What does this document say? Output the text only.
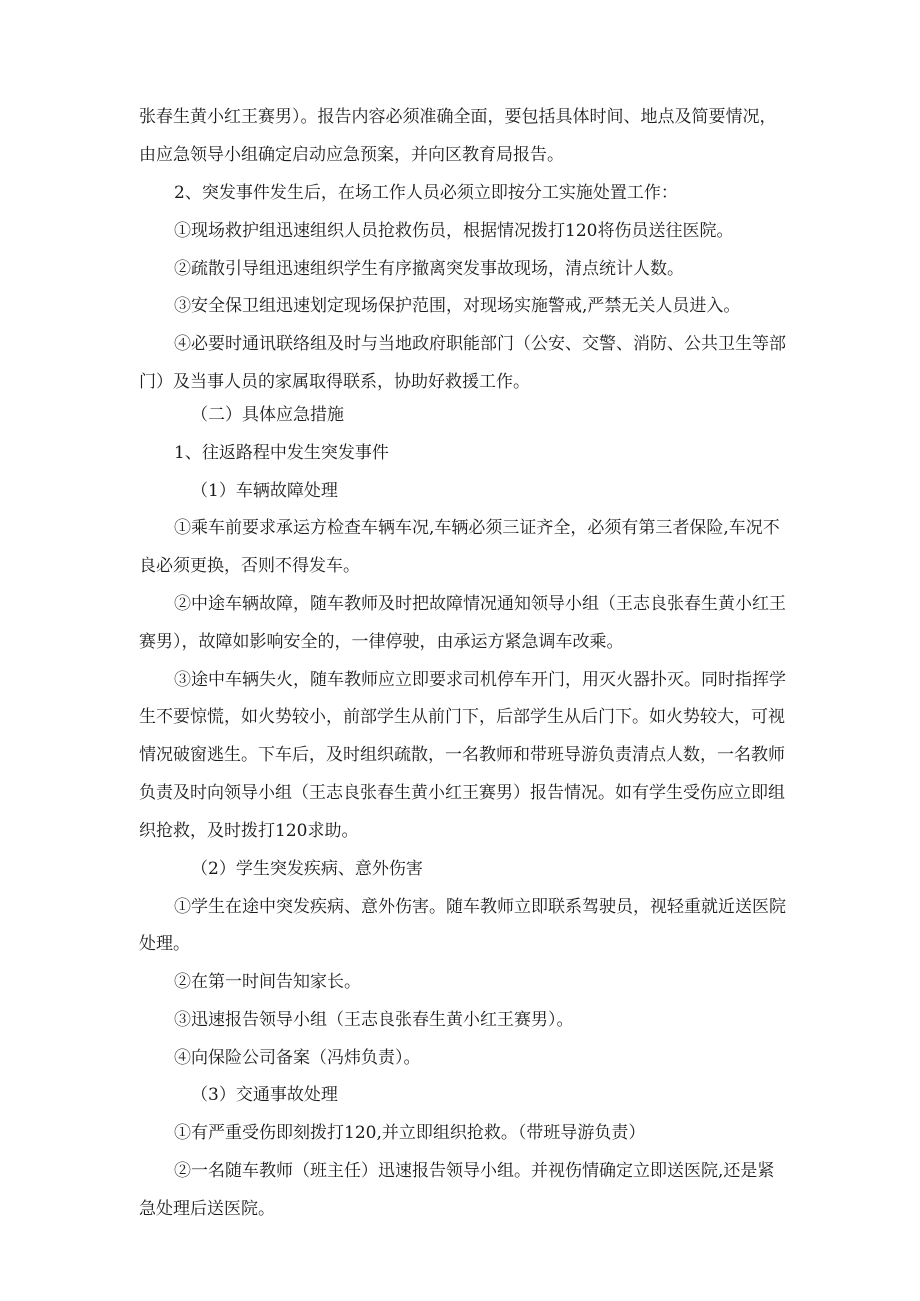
张春生黄小红王赛男）。报告内容必须准确全面，要包括具体时间、地点及简要情况，
由应急领导小组确定启动应急预案，并向区教育局报告。
2、突发事件发生后，在场工作人员必须立即按分工实施处置工作：
①现场救护组迅速组织人员抢救伤员，根据情况拨打120将伤员送往医院。
②疏散引导组迅速组织学生有序撤离突发事故现场，清点统计人数。
③安全保卫组迅速划定现场保护范围，对现场实施警戒,严禁无关人员进入。
④必要时通讯联络组及时与当地政府职能部门（公安、交警、消防、公共卫生等部
门）及当事人员的家属取得联系，协助好救援工作。
（二）具体应急措施
1、往返路程中发生突发事件
（1）车辆故障处理
①乘车前要求承运方检查车辆车况,车辆必须三证齐全，必须有第三者保险,车况不
良必须更换，否则不得发车。
②中途车辆故障，随车教师及时把故障情况通知领导小组（王志良张春生黄小红王
赛男），故障如影响安全的，一律停驶，由承运方紧急调车改乘。
③途中车辆失火，随车教师应立即要求司机停车开门，用灭火器扑灭。同时指挥学
生不要惊慌，如火势较小，前部学生从前门下，后部学生从后门下。如火势较大，可视
情况破窗逃生。下车后，及时组织疏散，一名教师和带班导游负责清点人数，一名教师
负责及时向领导小组（王志良张春生黄小红王赛男）报告情况。如有学生受伤应立即组
织抢救，及时拨打120求助。
（2）学生突发疾病、意外伤害
①学生在途中突发疾病、意外伤害。随车教师立即联系驾驶员，视轻重就近送医院
处理。
②在第一时间告知家长。
③迅速报告领导小组（王志良张春生黄小红王赛男）。
④向保险公司备案（冯炜负责）。
（3）交通事故处理
①有严重受伤即刻拨打120,并立即组织抢救。（带班导游负责）
②一名随车教师（班主任）迅速报告领导小组。并视伤情确定立即送医院,还是紧
急处理后送医院。
